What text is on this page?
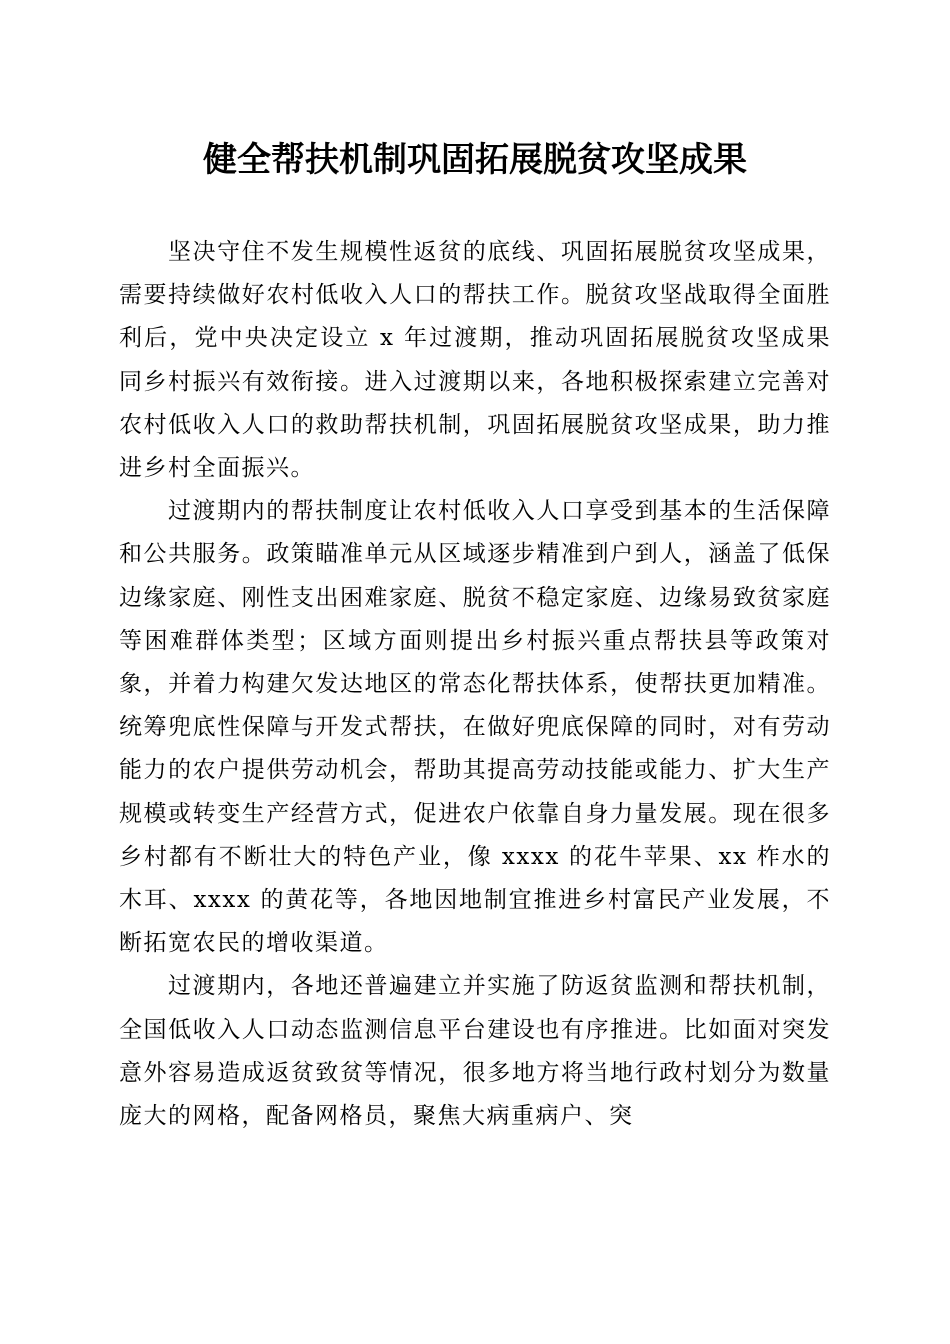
健全帮扶机制巩固拓展脱贫攻坚成果

坚决守住不发生规模性返贫的底线、巩固拓展脱贫攻坚成果，需要持续做好农村低收入人口的帮扶工作。脱贫攻坚战取得全面胜利后，党中央决定设立 x 年过渡期，推动巩固拓展脱贫攻坚成果同乡村振兴有效衔接。进入过渡期以来，各地积极探索建立完善对农村低收入人口的救助帮扶机制，巩固拓展脱贫攻坚成果，助力推进乡村全面振兴。

过渡期内的帮扶制度让农村低收入人口享受到基本的生活保障和公共服务。政策瞄准单元从区域逐步精准到户到人，涵盖了低保边缘家庭、刚性支出困难家庭、脱贫不稳定家庭、边缘易致贫家庭等困难群体类型；区域方面则提出乡村振兴重点帮扶县等政策对象，并着力构建欠发达地区的常态化帮扶体系，使帮扶更加精准。统筹兜底性保障与开发式帮扶，在做好兜底保障的同时，对有劳动能力的农户提供劳动机会，帮助其提高劳动技能或能力、扩大生产规模或转变生产经营方式，促进农户依靠自身力量发展。现在很多乡村都有不断壮大的特色产业，像 xxxx 的花牛苹果、xx 柞水的木耳、xxxx 的黄花等，各地因地制宜推进乡村富民产业发展，不断拓宽农民的增收渠道。

过渡期内，各地还普遍建立并实施了防返贫监测和帮扶机制，全国低收入人口动态监测信息平台建设也有序推进。比如面对突发意外容易造成返贫致贫等情况，很多地方将当地行政村划分为数量庞大的网格，配备网格员，聚焦大病重病户、突
